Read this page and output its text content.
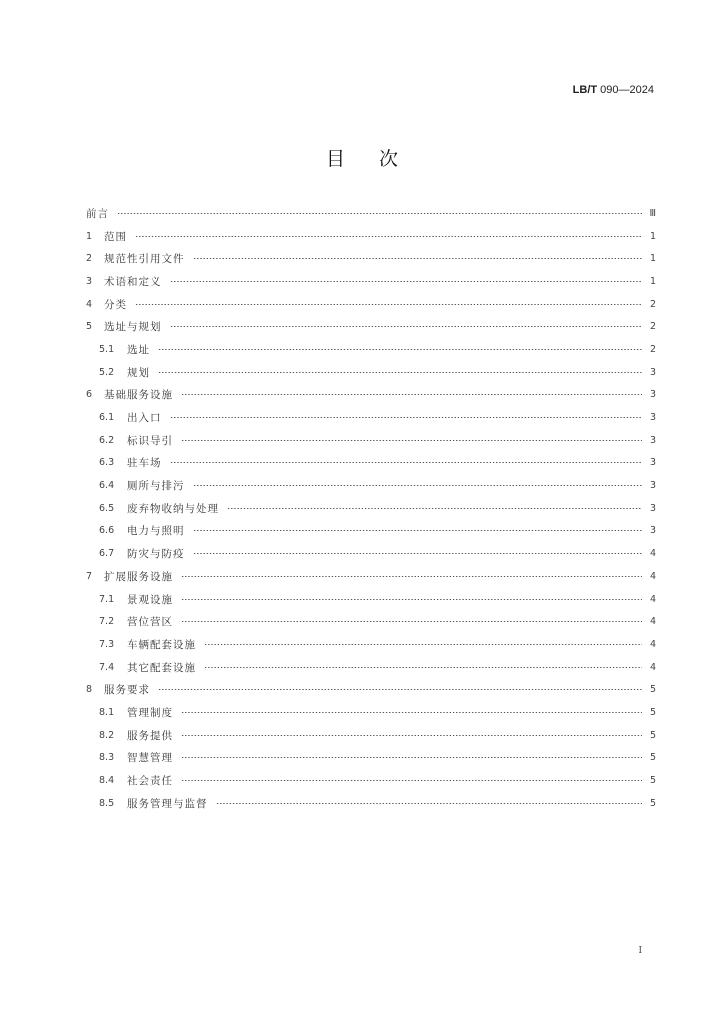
LB/T 090—2024
目次
前言	Ⅲ
1	范围	1
2	规范性引用文件	1
3	术语和定义	1
4	分类	2
5	选址与规划	2
5.1	选址	2
5.2	规划	3
6	基础服务设施	3
6.1	出入口	3
6.2	标识导引	3
6.3	驻车场	3
6.4	厕所与排污	3
6.5	废弃物收纳与处理	3
6.6	电力与照明	3
6.7	防灾与防疫	4
7	扩展服务设施	4
7.1	景观设施	4
7.2	营位营区	4
7.3	车辆配套设施	4
7.4	其它配套设施	4
8	服务要求	5
8.1	管理制度	5
8.2	服务提供	5
8.3	智慧管理	5
8.4	社会责任	5
8.5	服务管理与监督	5
I
